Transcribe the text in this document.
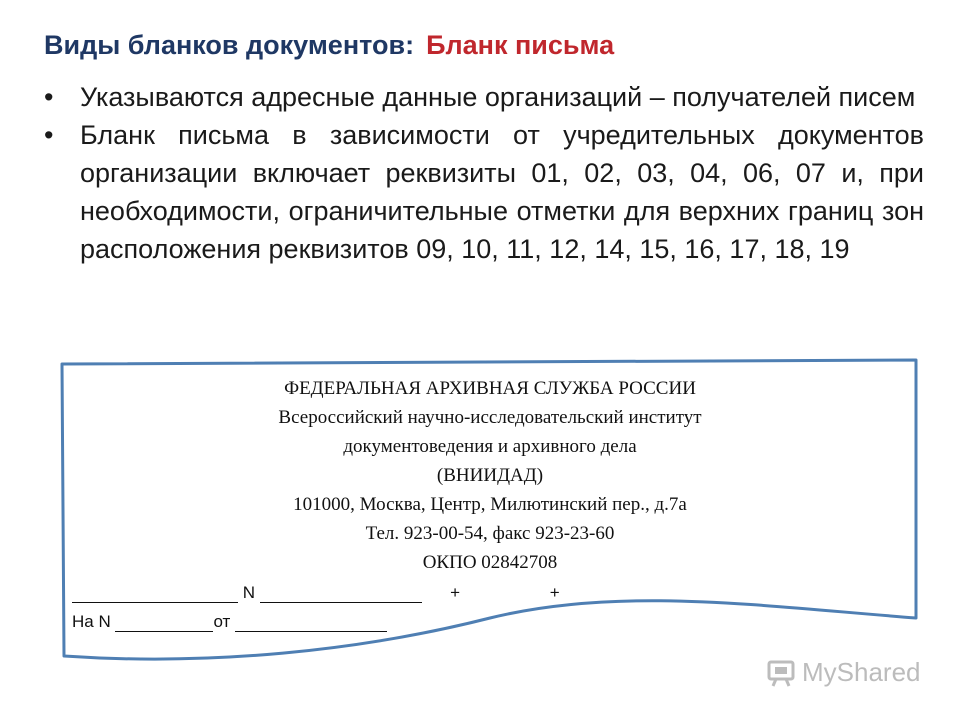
Виды бланков документов: Бланк письма
• Указываются адресные данные организаций – получателей писем
• Бланк письма в зависимости от учредительных документов организации включает реквизиты 01, 02, 03, 04, 06, 07 и, при необходимости, ограничительные отметки для верхних границ зон расположения реквизитов 09, 10, 11, 12, 14, 15, 16, 17, 18, 19
ФЕДЕРАЛЬНАЯ АРХИВНАЯ СЛУЖБА РОССИИ
Всероссийский научно-исследовательский институт
документоведения и архивного дела
(ВНИИДАД)
101000, Москва, Центр, Милютинский пер., д.7а
Тел. 923-00-54, факс 923-23-60
ОКПО 02842708
N	+	+
На N	от
MyShared
